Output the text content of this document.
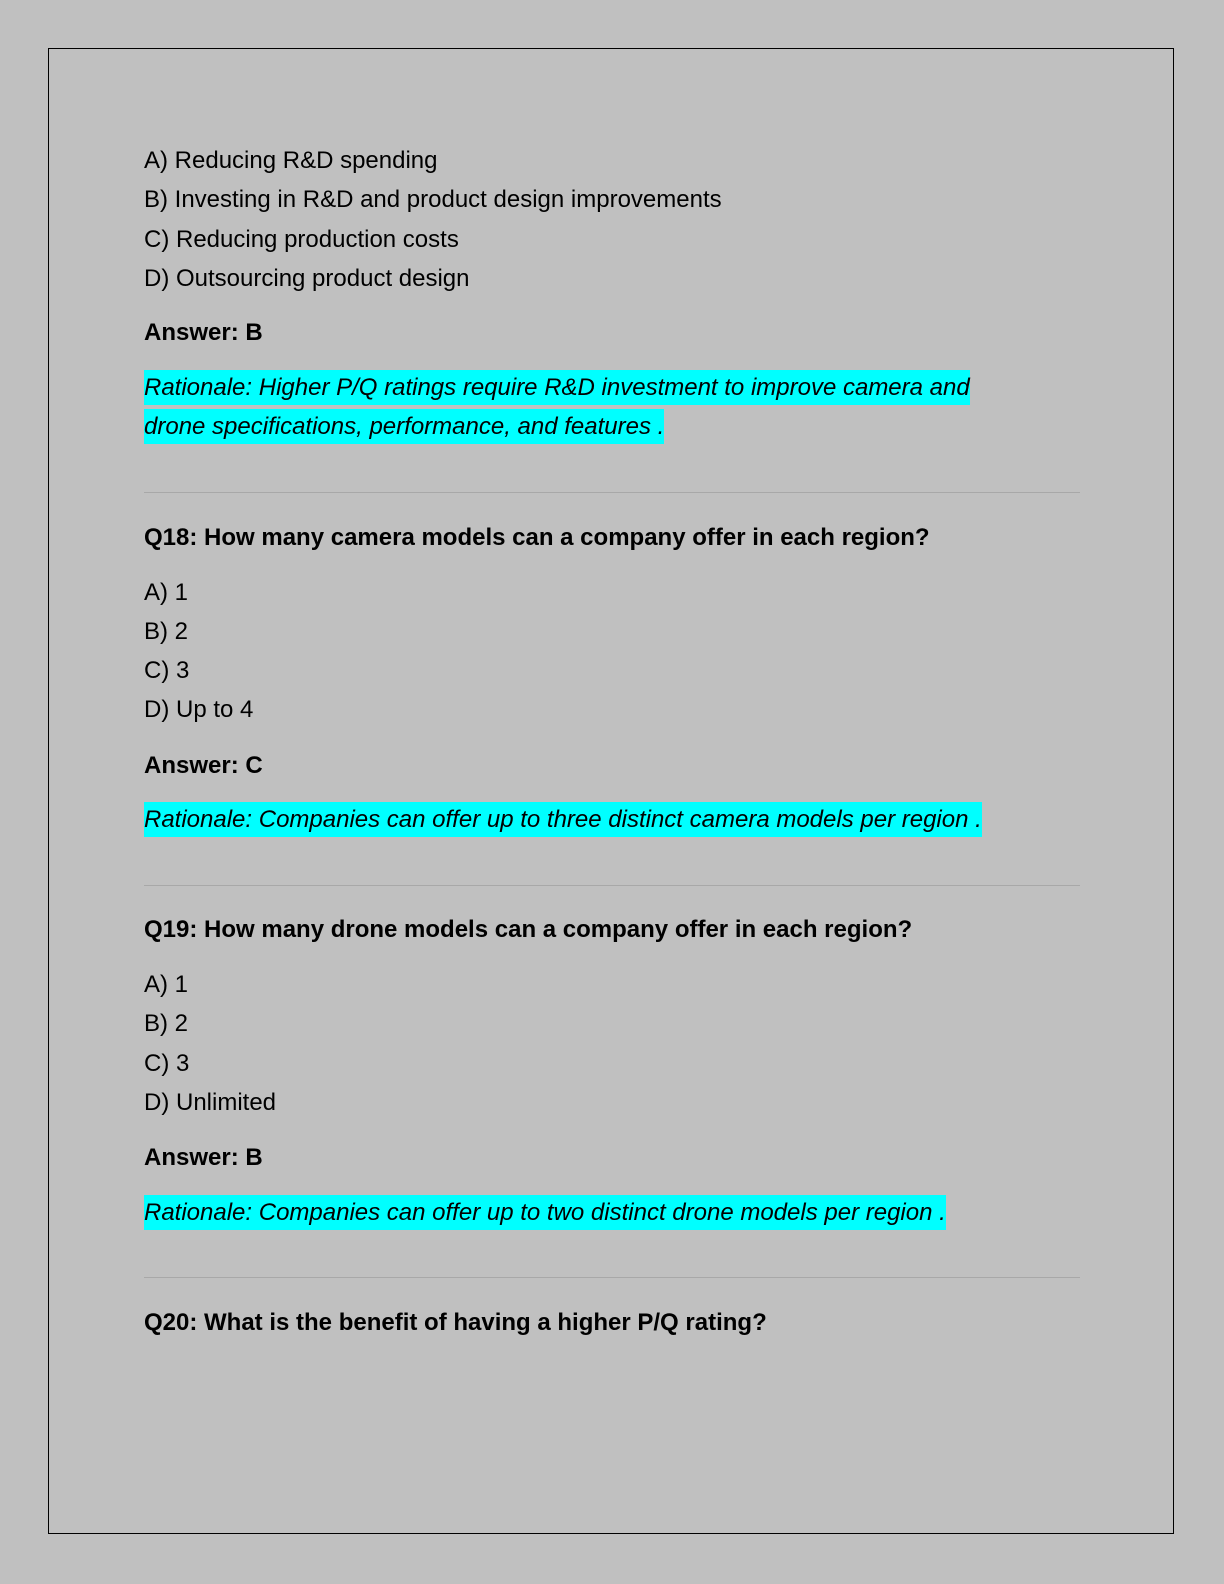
A) Reducing R&D spending
B) Investing in R&D and product design improvements
C) Reducing production costs
D) Outsourcing product design
Answer: B
Rationale: Higher P/Q ratings require R&D investment to improve camera and
drone specifications, performance, and features .
Q18: How many camera models can a company offer in each region?
A) 1
B) 2
C) 3
D) Up to 4
Answer: C
Rationale: Companies can offer up to three distinct camera models per region .
Q19: How many drone models can a company offer in each region?
A) 1
B) 2
C) 3
D) Unlimited
Answer: B
Rationale: Companies can offer up to two distinct drone models per region .
Q20: What is the benefit of having a higher P/Q rating?
